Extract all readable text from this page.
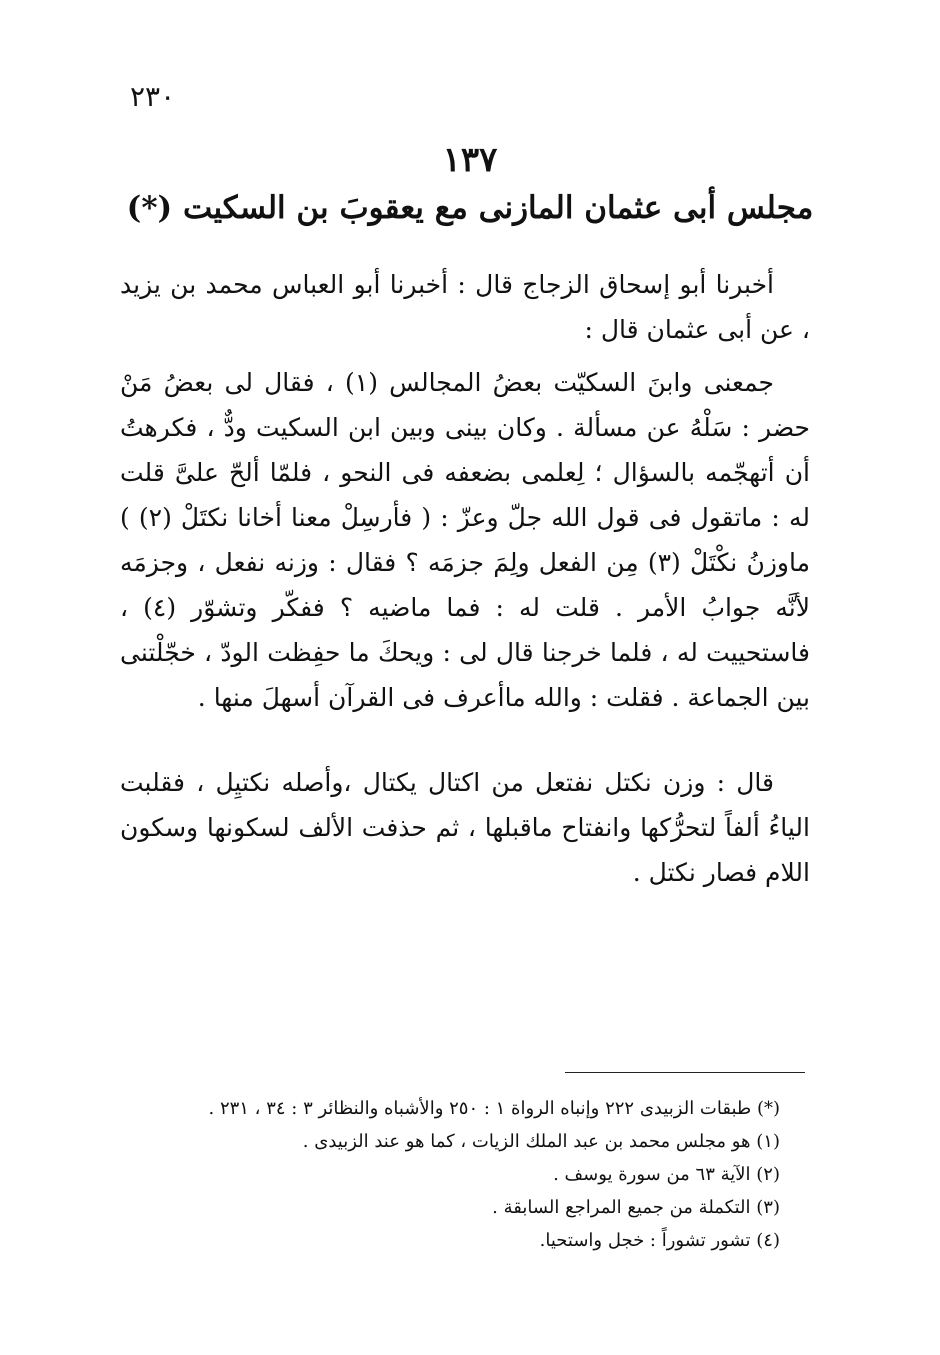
٢٣٠
١٣٧
مجلس أبى عثمان المازنى مع يعقوبَ بن السكيت (*)

أخبرنا أبو إسحاق الزجاج قال : أخبرنا أبو العباس محمد بن يزيد ، عن أبى عثمان قال :

جمعنى وابنَ السكيّت بعضُ المجالس (١) ، فقال لى بعضُ مَنْ حضر : سَلْهُ عن مسألة . وكان بينى وبين ابن السكيت ودٌّ ، فكرهتُ أن أتهجّمه بالسؤال ؛ لِعلمى بضعفه فى النحو ، فلمّا ألحّ علىَّ قلت له : ماتقول فى قول الله جلّ وعزّ : ( فأرسِلْ معنا أخانا نكتَلْ (٢) ) ماوزنُ نكْتَلْ (٣) مِن الفعل ولِمَ جزمَه ؟ فقال : وزنه نفعل ، وجزمَه لأنَّه جوابُ الأمر . قلت له : فما ماضيه ؟ ففكّر وتشوّر (٤) ، فاستحييت له ، فلما خرجنا قال لى : ويحكَ ما حفِظت الودّ ، خجّلْتنى بين الجماعة . فقلت : والله ماأعرف فى القرآن أسهلَ منها .

قال : وزن نكتل نفتعل من اكتال يكتال ،وأصله نكتيِل ، فقلبت الياءُ ألفاً لتحرُّكها وانفتاح ماقبلها ، ثم حذفت الألف لسكونها وسكون اللام فصار نكتل .

(*) طبقات الزبيدى ٢٢٢ وإنباه الرواة ١ : ٢٥٠ والأشباه والنظائر ٣ : ٣٤ ، ٢٣١ .
(١) هو مجلس محمد بن عبد الملك الزيات ، كما هو عند الزبيدى .
(٢) الآية ٦٣ من سورة يوسف .
(٣) التكملة من جميع المراجع السابقة .
(٤) تشور تشوراً : خجل واستحيا.
